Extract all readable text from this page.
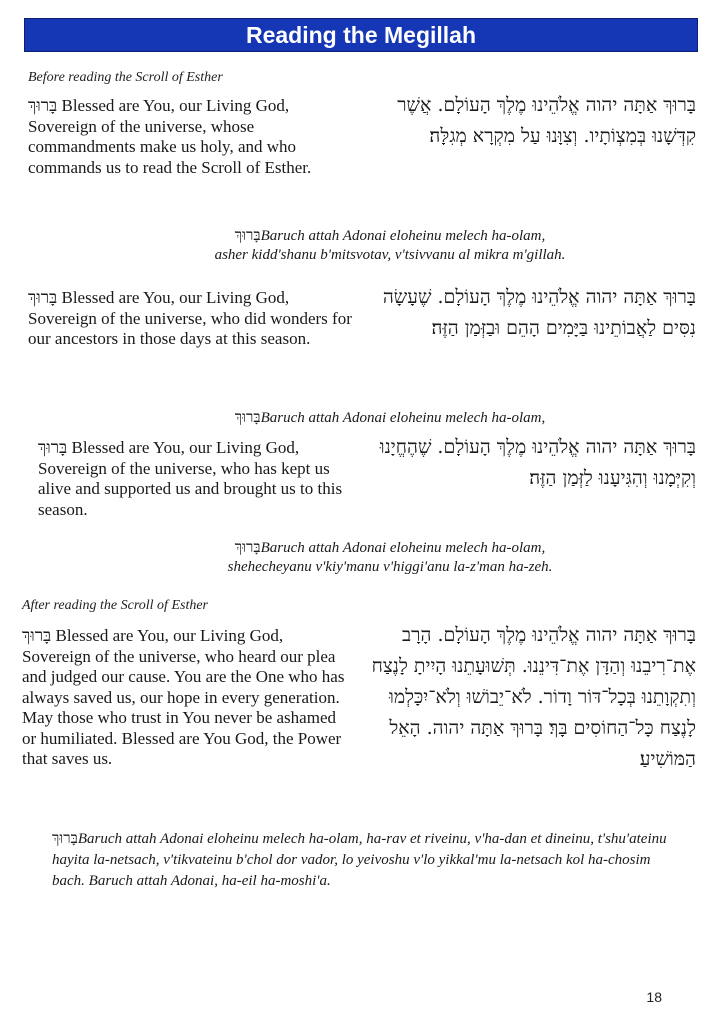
Reading the Megillah
Before reading the Scroll of Esther
בָּרוּךְ Blessed are You, our Living God, Sovereign of the universe, whose commandments make us holy, and who commands us to read the Scroll of Esther.
בָּרוּךְ אַתָּה יהוה אֱלֹהֵינוּ מֶלֶךְ הָעוֹלָם. אֲשֶׁר קִדְּשָׁנוּ בְּמִצְוֹתָיו. וְצִוָּנוּ עַל מִקְרָא מְגִלָּה׃
בָּרוּךְBaruch attah Adonai eloheinu melech ha-olam,
asher kidd'shanu b'mitsvotav, v'tsivvanu al mikra m'gillah.
בָּרוּךְ Blessed are You, our Living God, Sovereign of the universe, who did wonders for our ancestors in those days at this season.
בָּרוּךְ אַתָּה יהוה אֱלֹהֵינוּ מֶלֶךְ הָעוֹלָם. שֶׁעָשָׂה נִסִּים לַאֲבוֹתֵינוּ בַּיָּמִים הָהֵם וּבַזְּמַן הַזֶּה׃
בָּרוּךְBaruch attah Adonai eloheinu melech ha-olam,
בָּרוּךְ Blessed are You, our Living God, Sovereign of the universe, who has kept us alive and supported us and brought us to this season.
בָּרוּךְ אַתָּה יהוה אֱלֹהֵינוּ מֶלֶךְ הָעוֹלָם. שֶׁהֶחֱיָנוּ וְקִיְּמָנוּ וְהִגִּיעָנוּ לַזְּמַן הַזֶּה׃
בָּרוּךְBaruch attah Adonai eloheinu melech ha-olam,
shehecheyanu v'kiy'manu v'higgi'anu la-z'man ha-zeh.
After reading the Scroll of Esther
בָּרוּךְ Blessed are You, our Living God, Sovereign of the universe, who heard our plea and judged our cause. You are the One who has always saved us, our hope in every generation. May those who trust in You never be ashamed or humiliated. Blessed are You God, the Power that saves us.
בָּרוּךְ אַתָּה יהוה אֱלֹהֵינוּ מֶלֶךְ הָעוֹלָם. הָרָב אֶת־רִיבֵנוּ וְהַדָּן אֶת־דִּינֵנוּ. תְּשׁוּעָתֵנוּ הָיִיתָ לָנֶצַח וְתִקְוָתֵנוּ בְּכָל־דּוֹר וָדוֹר. לֹא־יֵבוֹשׁוּ וְלֹא־יִכָּלְמוּ לָנֶצַח כָּל־הַחוֹסִים בָּךְ׃ בָּרוּךְ אַתָּה יהוה. הָאֵל הַמּוֹשִׁיעַ׃
בָּרוּךְBaruch attah Adonai eloheinu melech ha-olam, ha-rav et riveinu, v'ha-dan et dineinu, t'shu'ateinu hayita la-netsach, v'tikvateinu b'chol dor vador, lo yeivoshu v'lo yikkal'mu la-netsach kol ha-chosim bach. Baruch attah Adonai, ha-eil ha-moshi'a.
18
